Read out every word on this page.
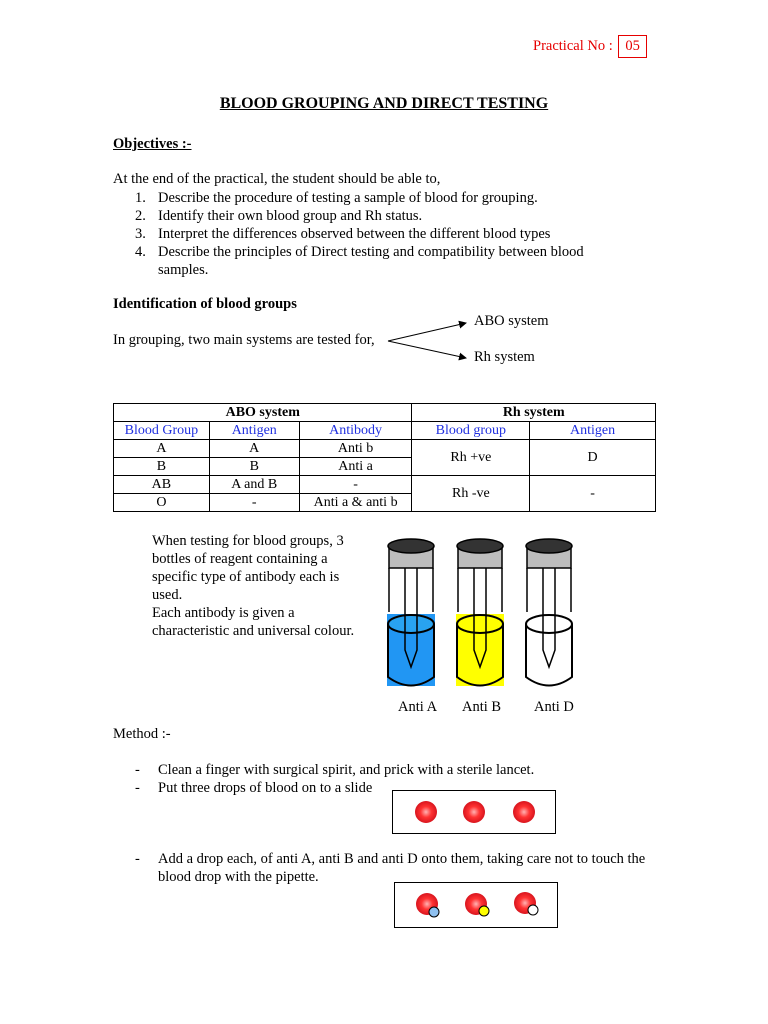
Practical No : 05
BLOOD GROUPING AND DIRECT TESTING
Objectives :-
At the end of the practical, the student should be able to,
1. Describe the procedure of testing a sample of blood for grouping.
2. Identify their own blood group and Rh status.
3. Interpret the differences observed between the different blood types
4. Describe the principles of Direct testing and compatibility between blood samples.
Identification of blood groups
In grouping, two main systems are tested for,
ABO system
Rh system
ABO system			Rh system	
Blood Group	Antigen	Antibody	Blood group	Antigen
A	A	Anti b	Rh +ve	D
B	B	Anti a		
AB	A and B	-	Rh -ve	-
O	-	Anti a & anti b		
When testing for blood groups, 3 bottles of reagent containing a specific type of antibody each is used.
Each antibody is given a characteristic and universal colour.
Anti A Anti B Anti D
Method :-
- Clean a finger with surgical spirit, and prick with a sterile lancet.
- Put three drops of blood on to a slide
- Add a drop each, of anti A, anti B and anti D onto them, taking care not to touch the blood drop with the pipette.
